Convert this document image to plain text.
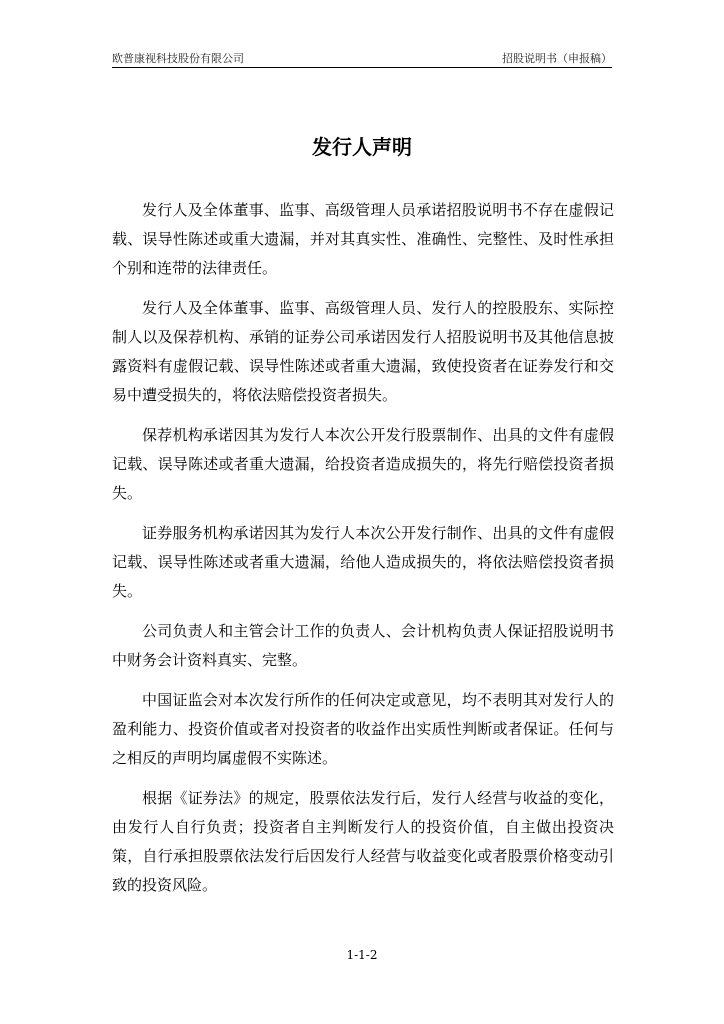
欧普康视科技股份有限公司	招股说明书（申报稿）
发行人声明

发行人及全体董事、监事、高级管理人员承诺招股说明书不存在虚假记载、误导性陈述或重大遗漏，并对其真实性、准确性、完整性、及时性承担个别和连带的法律责任。

发行人及全体董事、监事、高级管理人员、发行人的控股股东、实际控制人以及保荐机构、承销的证券公司承诺因发行人招股说明书及其他信息披露资料有虚假记载、误导性陈述或者重大遗漏，致使投资者在证券发行和交易中遭受损失的，将依法赔偿投资者损失。

保荐机构承诺因其为发行人本次公开发行股票制作、出具的文件有虚假记载、误导陈述或者重大遗漏，给投资者造成损失的，将先行赔偿投资者损失。

证券服务机构承诺因其为发行人本次公开发行制作、出具的文件有虚假记载、误导性陈述或者重大遗漏，给他人造成损失的，将依法赔偿投资者损失。

公司负责人和主管会计工作的负责人、会计机构负责人保证招股说明书中财务会计资料真实、完整。

中国证监会对本次发行所作的任何决定或意见，均不表明其对发行人的盈利能力、投资价值或者对投资者的收益作出实质性判断或者保证。任何与之相反的声明均属虚假不实陈述。

根据《证券法》的规定，股票依法发行后，发行人经营与收益的变化，由发行人自行负责；投资者自主判断发行人的投资价值，自主做出投资决策，自行承担股票依法发行后因发行人经营与收益变化或者股票价格变动引致的投资风险。

1-1-2
